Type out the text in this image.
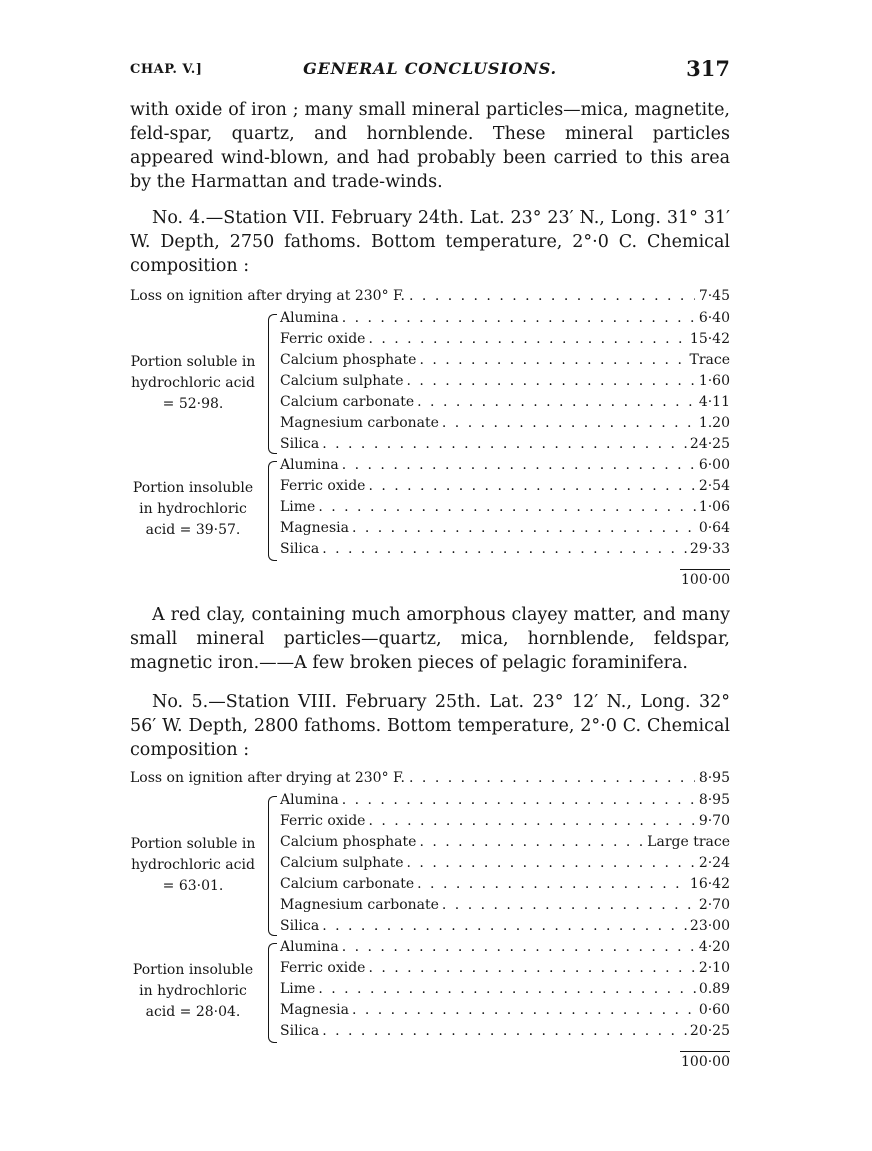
CHAP. V.]	GENERAL CONCLUSIONS.	317

with oxide of iron ; many small mineral particles—mica, magnetite, feld-spar, quartz, and hornblende. These mineral particles appeared wind-blown, and had probably been carried to this area by the Harmattan and trade-winds.

No. 4.—Station VII. February 24th. Lat. 23° 23′ N., Long. 31° 31′ W. Depth, 2750 fathoms. Bottom temperature, 2°·0 C. Chemical composition :

Loss on ignition after drying at 230° F. . . .	7·45
Portion soluble in
hydrochloric acid
= 52·98.
Alumina . . .	6·40
Ferric oxide . . .	15·42
Calcium phosphate . . .	Trace
Calcium sulphate . . .	1·60
Calcium carbonate . . .	4·11
Magnesium carbonate . . .	1.20
Silica . . .	24·25
Portion insoluble
in hydrochloric
acid = 39·57.
Alumina . . .	6·00
Ferric oxide . . .	2·54
Lime . . .	1·06
Magnesia . . .	0·64
Silica . . .	29·33
100·00

A red clay, containing much amorphous clayey matter, and many small mineral particles—quartz, mica, hornblende, feldspar, magnetic iron.——A few broken pieces of pelagic foraminifera.

No. 5.—Station VIII. February 25th. Lat. 23° 12′ N., Long. 32° 56′ W. Depth, 2800 fathoms. Bottom temperature, 2°·0 C. Chemical composition :

Loss on ignition after drying at 230° F. . . .	8·95
Portion soluble in
hydrochloric acid
= 63·01.
Alumina . . .	8·95
Ferric oxide . . .	9·70
Calcium phosphate . . .	Large trace
Calcium sulphate . . .	2·24
Calcium carbonate . . .	16·42
Magnesium carbonate . . .	2·70
Silica . . .	23·00
Portion insoluble
in hydrochloric
acid = 28·04.
Alumina . . .	4·20
Ferric oxide . . .	2·10
Lime . . .	0.89
Magnesia . . .	0·60
Silica . . .	20·25
100·00
